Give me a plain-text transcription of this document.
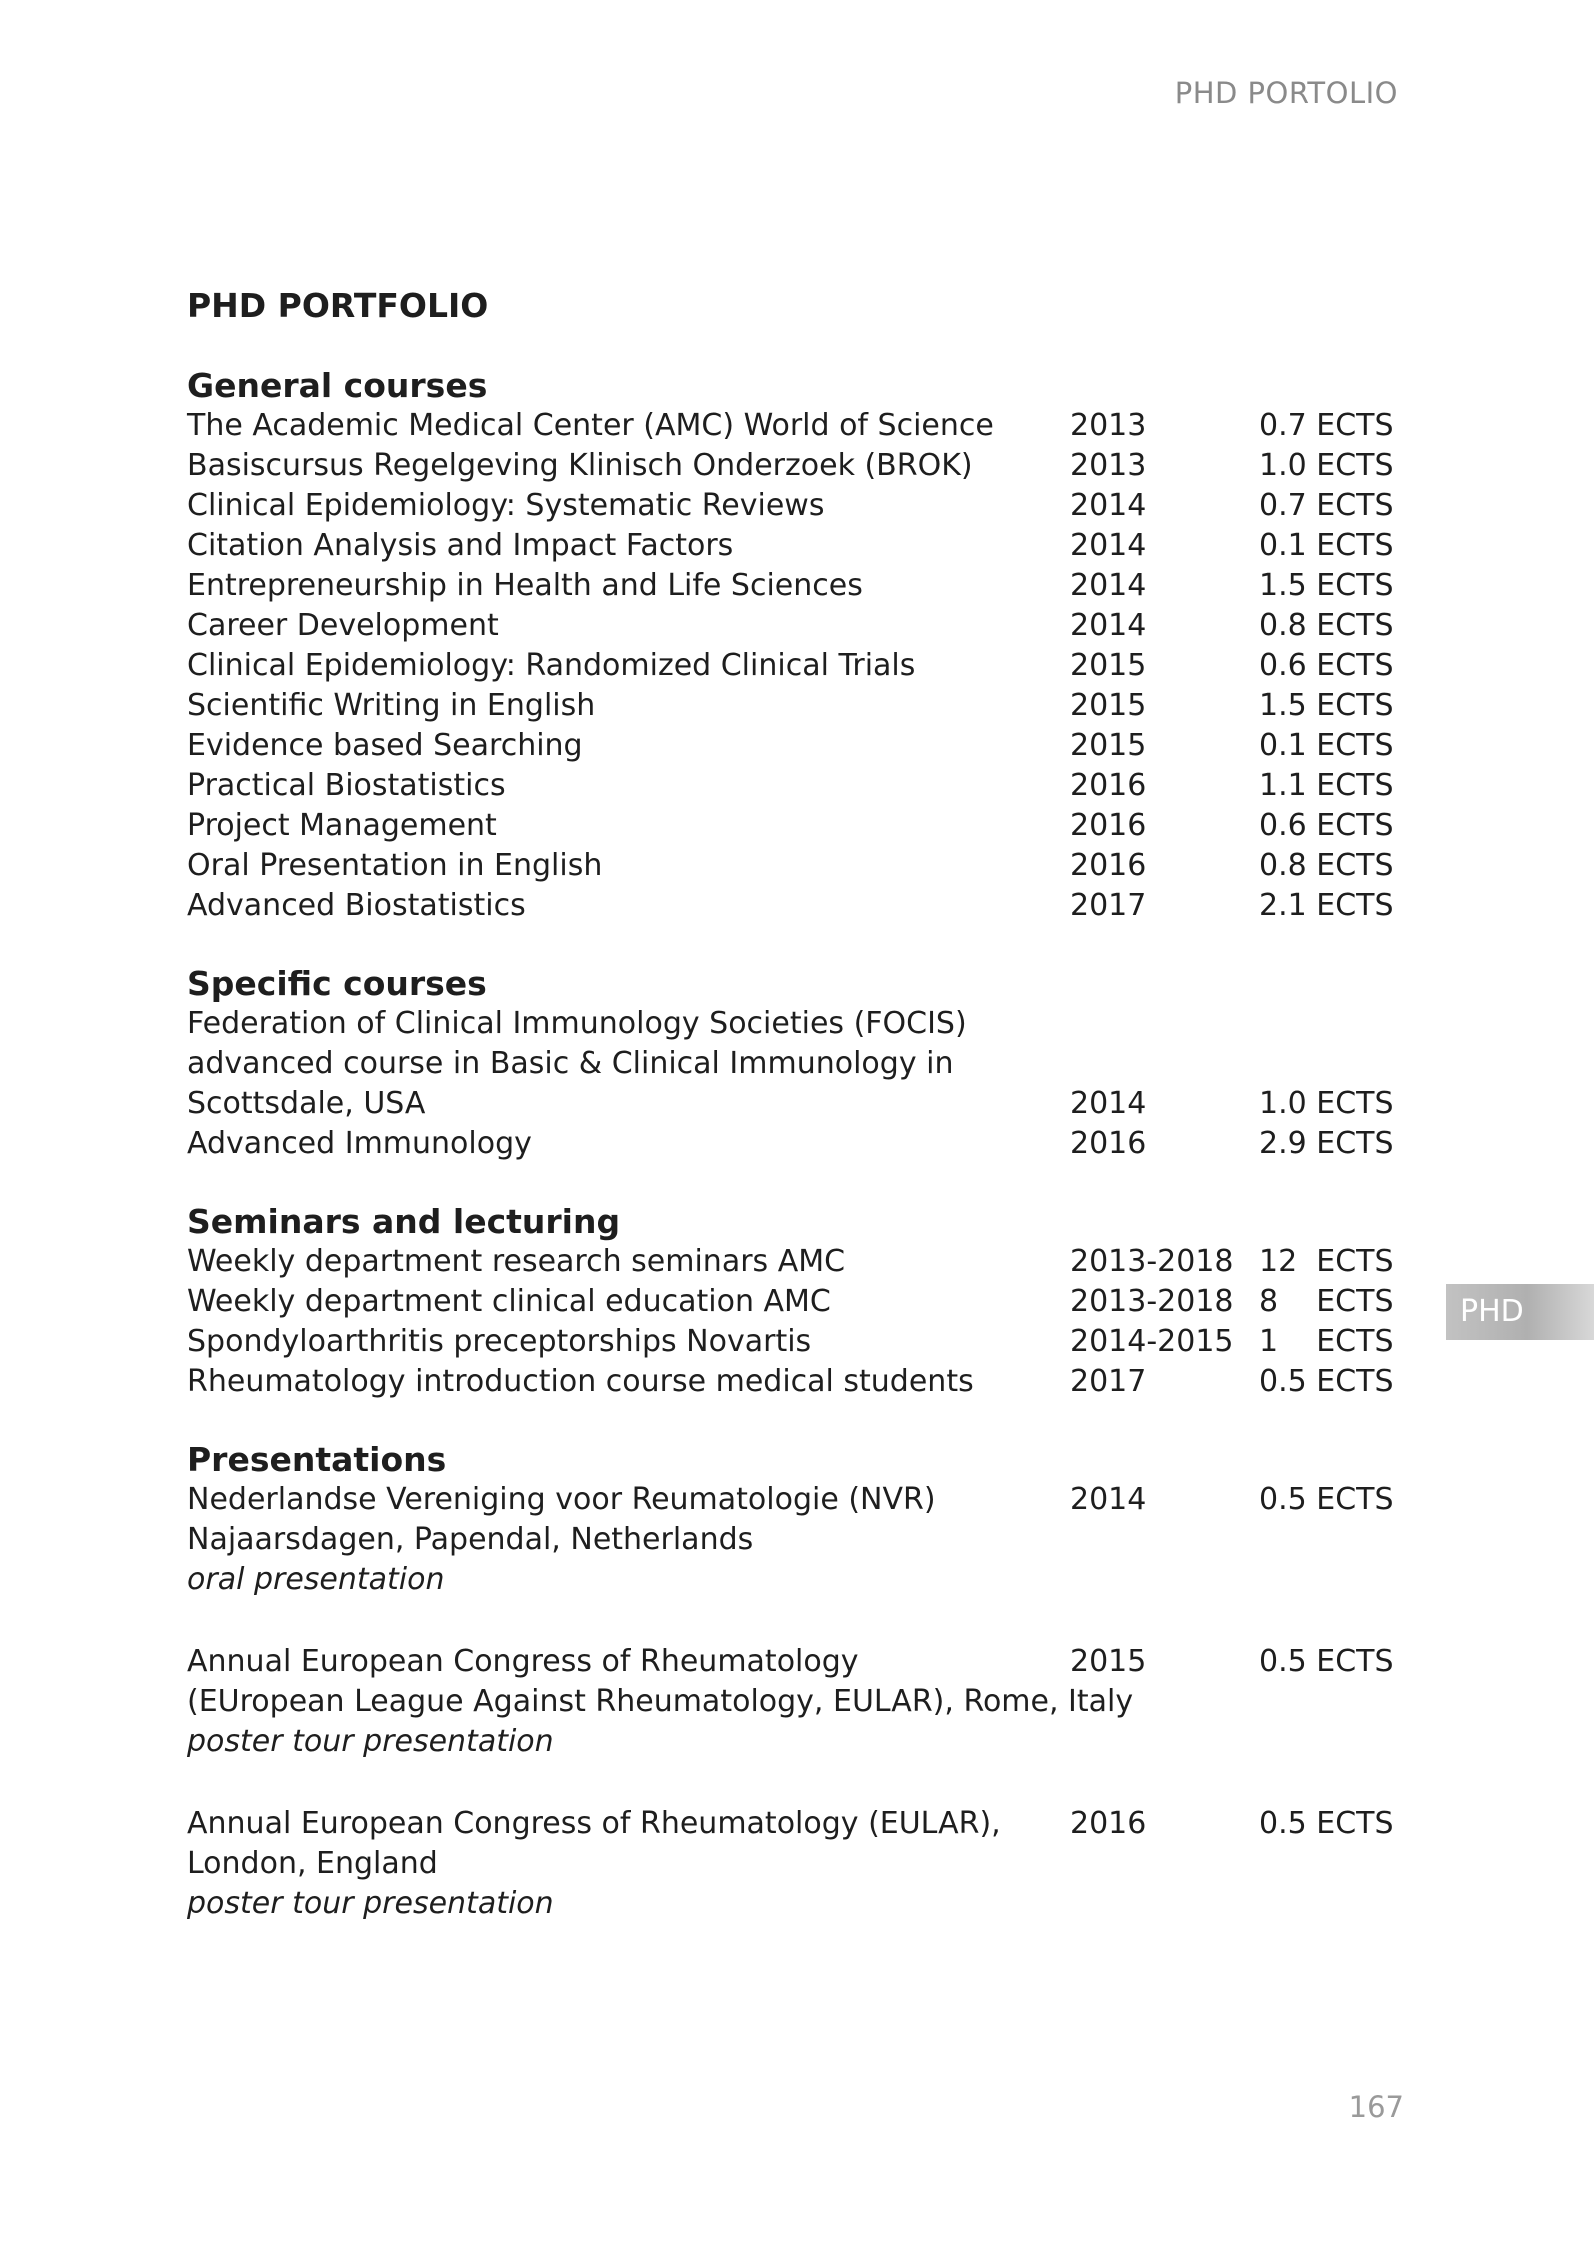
PHD PORTOLIO
PHD PORTFOLIO
General courses
The Academic Medical Center (AMC) World of Science	2013	0.7 ECTS
Basiscursus Regelgeving Klinisch Onderzoek (BROK)	2013	1.0 ECTS
Clinical Epidemiology: Systematic Reviews	2014	0.7 ECTS
Citation Analysis and Impact Factors	2014	0.1 ECTS
Entrepreneurship in Health and Life Sciences	2014	1.5 ECTS
Career Development	2014	0.8 ECTS
Clinical Epidemiology: Randomized Clinical Trials	2015	0.6 ECTS
Scientific Writing in English	2015	1.5 ECTS
Evidence based Searching	2015	0.1 ECTS
Practical Biostatistics	2016	1.1 ECTS
Project Management	2016	0.6 ECTS
Oral Presentation in English	2016	0.8 ECTS
Advanced Biostatistics	2017	2.1 ECTS
Specific courses
Federation of Clinical Immunology Societies (FOCIS)
advanced course in Basic & Clinical Immunology in
Scottsdale, USA	2014	1.0 ECTS
Advanced Immunology	2016	2.9 ECTS
Seminars and lecturing
Weekly department research seminars AMC	2013-2018 12  ECTS
Weekly department clinical education AMC	2013-2018 8    ECTS
Spondyloarthritis preceptorships Novartis	2014-2015 1    ECTS
Rheumatology introduction course medical students	2017	0.5 ECTS
Presentations
Nederlandse Vereniging voor Reumatologie (NVR)	2014	0.5 ECTS
Najaarsdagen, Papendal, Netherlands
oral presentation
Annual European Congress of Rheumatology	2015	0.5 ECTS
(EUropean League Against Rheumatology, EULAR), Rome, Italy
poster tour presentation
Annual European Congress of Rheumatology (EULAR),	2016	0.5 ECTS
London, England
poster tour presentation
PHD
167
